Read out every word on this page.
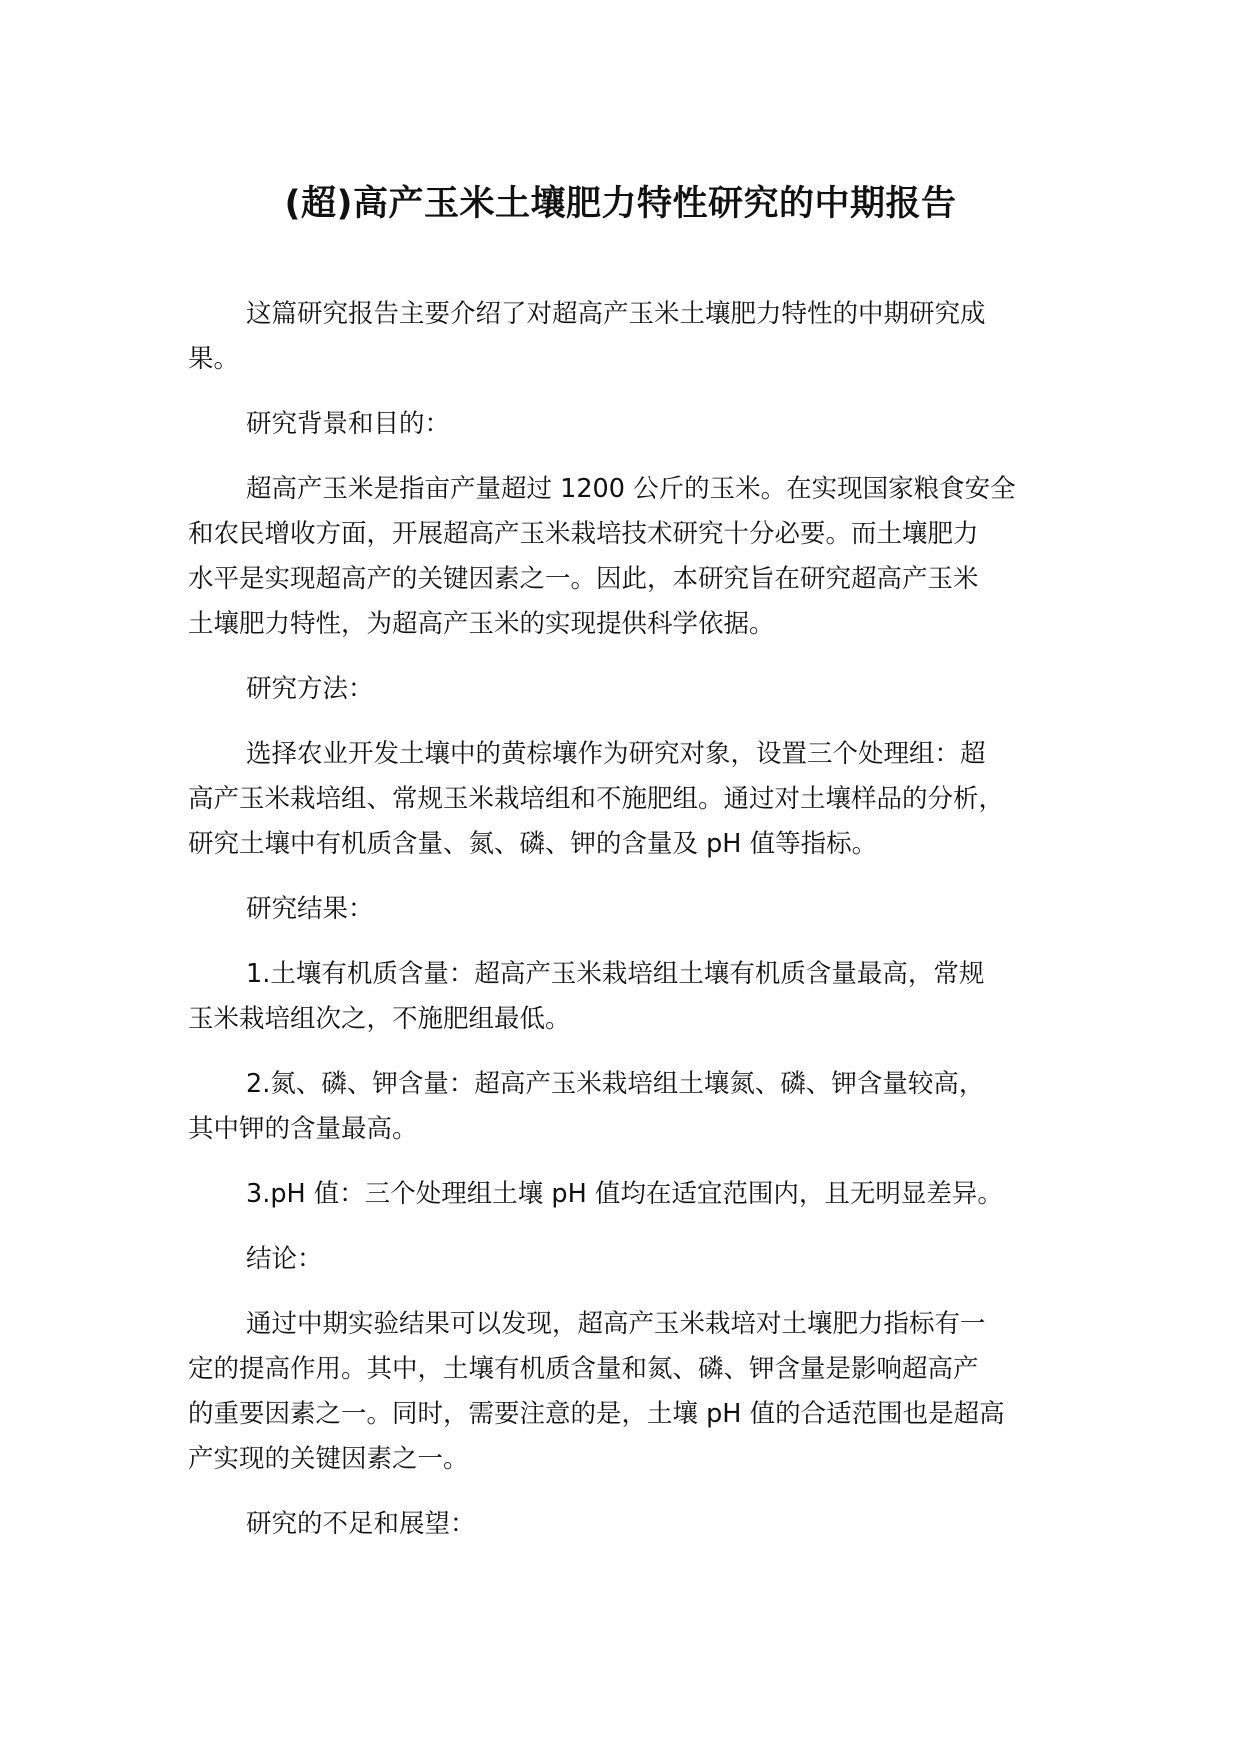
(超)高产玉米土壤肥力特性研究的中期报告

这篇研究报告主要介绍了对超高产玉米土壤肥力特性的中期研究成
果。

研究背景和目的：

超高产玉米是指亩产量超过 1200 公斤的玉米。在实现国家粮食安全
和农民增收方面，开展超高产玉米栽培技术研究十分必要。而土壤肥力
水平是实现超高产的关键因素之一。因此，本研究旨在研究超高产玉米
土壤肥力特性，为超高产玉米的实现提供科学依据。

研究方法：

选择农业开发土壤中的黄棕壤作为研究对象，设置三个处理组：超
高产玉米栽培组、常规玉米栽培组和不施肥组。通过对土壤样品的分析，
研究土壤中有机质含量、氮、磷、钾的含量及 pH 值等指标。

研究结果：

1.土壤有机质含量：超高产玉米栽培组土壤有机质含量最高，常规
玉米栽培组次之，不施肥组最低。

2.氮、磷、钾含量：超高产玉米栽培组土壤氮、磷、钾含量较高，
其中钾的含量最高。

3.pH 值：三个处理组土壤 pH 值均在适宜范围内，且无明显差异。

结论：

通过中期实验结果可以发现，超高产玉米栽培对土壤肥力指标有一
定的提高作用。其中，土壤有机质含量和氮、磷、钾含量是影响超高产
的重要因素之一。同时，需要注意的是，土壤 pH 值的合适范围也是超高
产实现的关键因素之一。

研究的不足和展望：
